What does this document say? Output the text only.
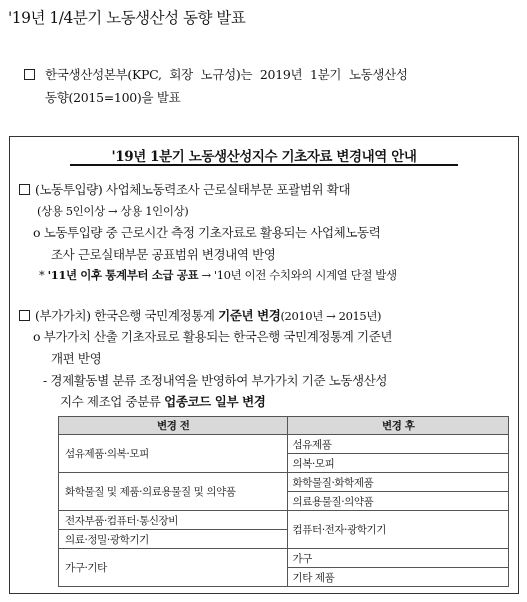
'19년 1/4분기 노동생산성 동향 발표
한국생산성본부(KPC, 회장 노규성)는 2019년 1분기 노동생산성
동향(2015=100)을 발표
'19년 1분기 노동생산성지수 기초자료 변경내역 안내
(노동투입량) 사업체노동력조사 근로실태부문 포괄범위 확대
(상용 5인이상 → 상용 1인이상)
o 노동투입량 중 근로시간 측정 기초자료로 활용되는 사업체노동력
조사 근로실태부문 공표범위 변경내역 반영
* '11년 이후 통계부터 소급 공표 → '10년 이전 수치와의 시계열 단절 발생
(부가가치) 한국은행 국민계정통계 기준년 변경(2010년 → 2015년)
o 부가가치 산출 기초자료로 활용되는 한국은행 국민계정통계 기준년
개편 반영
- 경제활동별 분류 조정내역을 반영하여 부가가치 기준 노동생산성
지수 제조업 중분류 업종코드 일부 변경
변경 전	변경 후
섬유제품·의복·모피	섬유제품
	의복·모피
화학물질 및 제품·의료용물질 및 의약품	화학물질·화학제품
	의료용물질·의약품
전자부품·컴퓨터·통신장비	컴퓨터·전자·광학기기
의료·정밀·광학기기	
가구·기타	가구
	기타 제품
